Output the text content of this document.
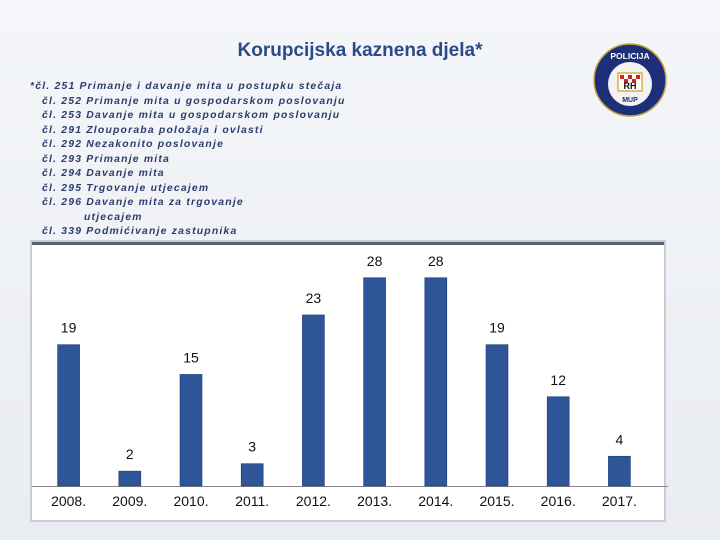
Korupcijska kaznena djela*
*čl. 251 Primanje i davanje mita u postupku stečaja
čl. 252 Primanje mita u gospodarskom poslovanju
čl. 253 Davanje mita u gospodarskom poslovanju
čl. 291 Zlouporaba položaja i ovlasti
čl. 292 Nezakonito poslovanje
čl. 293 Primanje mita
čl. 294 Davanje mita
čl. 295 Trgovanje utjecajem
čl. 296 Davanje mita za trgovanje
utjecajem
čl. 339 Podmićivanje zastupnika
POLICIJA
RH
MUP
19
2008.
2
2009.
15
2010.
3
2011.
23
2012.
28
2013.
28
2014.
19
2015.
12
2016.
4
2017.
